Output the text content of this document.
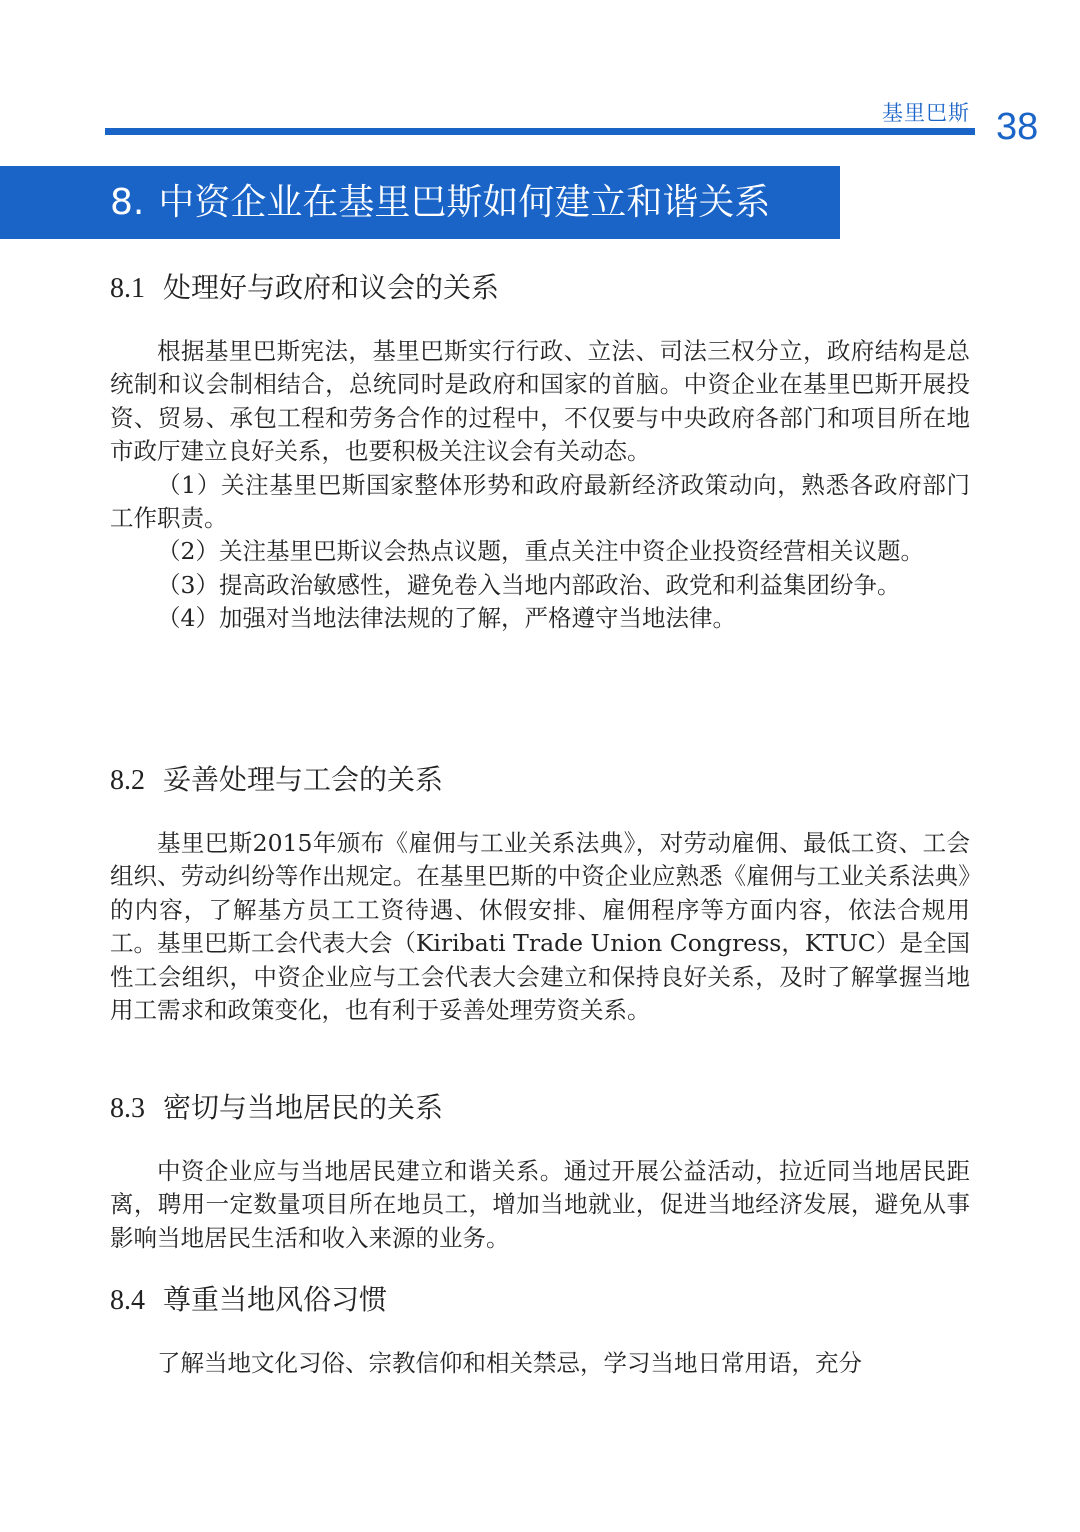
基里巴斯 38
8. 中资企业在基里巴斯如何建立和谐关系
8.1 处理好与政府和议会的关系

根据基里巴斯宪法，基里巴斯实行行政、立法、司法三权分立，政府结构是总统制和议会制相结合，总统同时是政府和国家的首脑。中资企业在基里巴斯开展投资、贸易、承包工程和劳务合作的过程中，不仅要与中央政府各部门和项目所在地市政厅建立良好关系，也要积极关注议会有关动态。

（1）关注基里巴斯国家整体形势和政府最新经济政策动向，熟悉各政府部门工作职责。

（2）关注基里巴斯议会热点议题，重点关注中资企业投资经营相关议题。

（3）提高政治敏感性，避免卷入当地内部政治、政党和利益集团纷争。

（4）加强对当地法律法规的了解，严格遵守当地法律。

8.2 妥善处理与工会的关系

基里巴斯2015年颁布《雇佣与工业关系法典》，对劳动雇佣、最低工资、工会组织、劳动纠纷等作出规定。在基里巴斯的中资企业应熟悉《雇佣与工业关系法典》的内容，了解基方员工工资待遇、休假安排、雇佣程序等方面内容，依法合规用工。基里巴斯工会代表大会（Kiribati Trade Union Congress，KTUC）是全国性工会组织，中资企业应与工会代表大会建立和保持良好关系，及时了解掌握当地用工需求和政策变化，也有利于妥善处理劳资关系。

8.3 密切与当地居民的关系

中资企业应与当地居民建立和谐关系。通过开展公益活动，拉近同当地居民距离，聘用一定数量项目所在地员工，增加当地就业，促进当地经济发展，避免从事影响当地居民生活和收入来源的业务。

8.4 尊重当地风俗习惯

了解当地文化习俗、宗教信仰和相关禁忌，学习当地日常用语，充分
